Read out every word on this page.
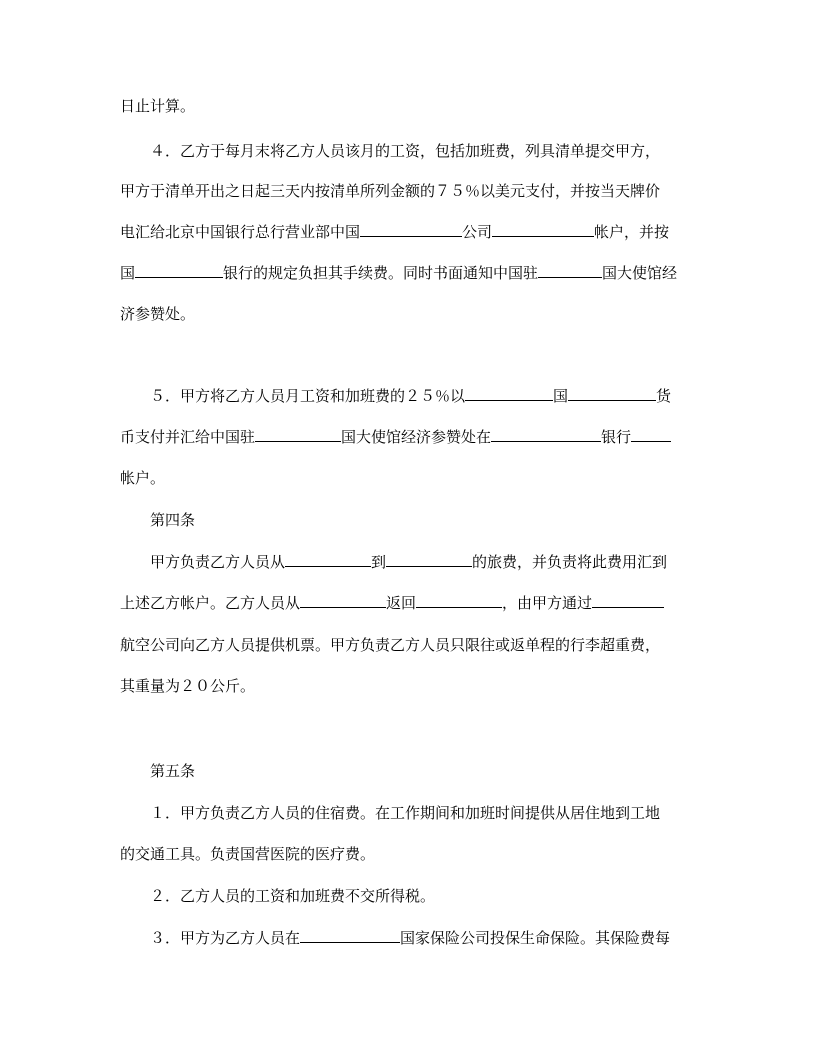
日止计算。
４．乙方于每月末将乙方人员该月的工资，包括加班费，列具清单提交甲方，
甲方于清单开出之日起三天内按清单所列金额的７５％以美元支付，并按当天牌价
电汇给北京中国银行总行营业部中国	公司	帐户，并按
国	银行的规定负担其手续费。同时书面通知中国驻	国大使馆经
济参赞处。
５．甲方将乙方人员月工资和加班费的２５％以	国	货
币支付并汇给中国驻	国大使馆经济参赞处在	银行
帐户。
第四条
甲方负责乙方人员从	到	的旅费，并负责将此费用汇到
上述乙方帐户。乙方人员从	返回	，由甲方通过
航空公司向乙方人员提供机票。甲方负责乙方人员只限往或返单程的行李超重费，
其重量为２０公斤。
第五条
１．甲方负责乙方人员的住宿费。在工作期间和加班时间提供从居住地到工地
的交通工具。负责国营医院的医疗费。
２．乙方人员的工资和加班费不交所得税。
３．甲方为乙方人员在	国家保险公司投保生命保险。其保险费每
